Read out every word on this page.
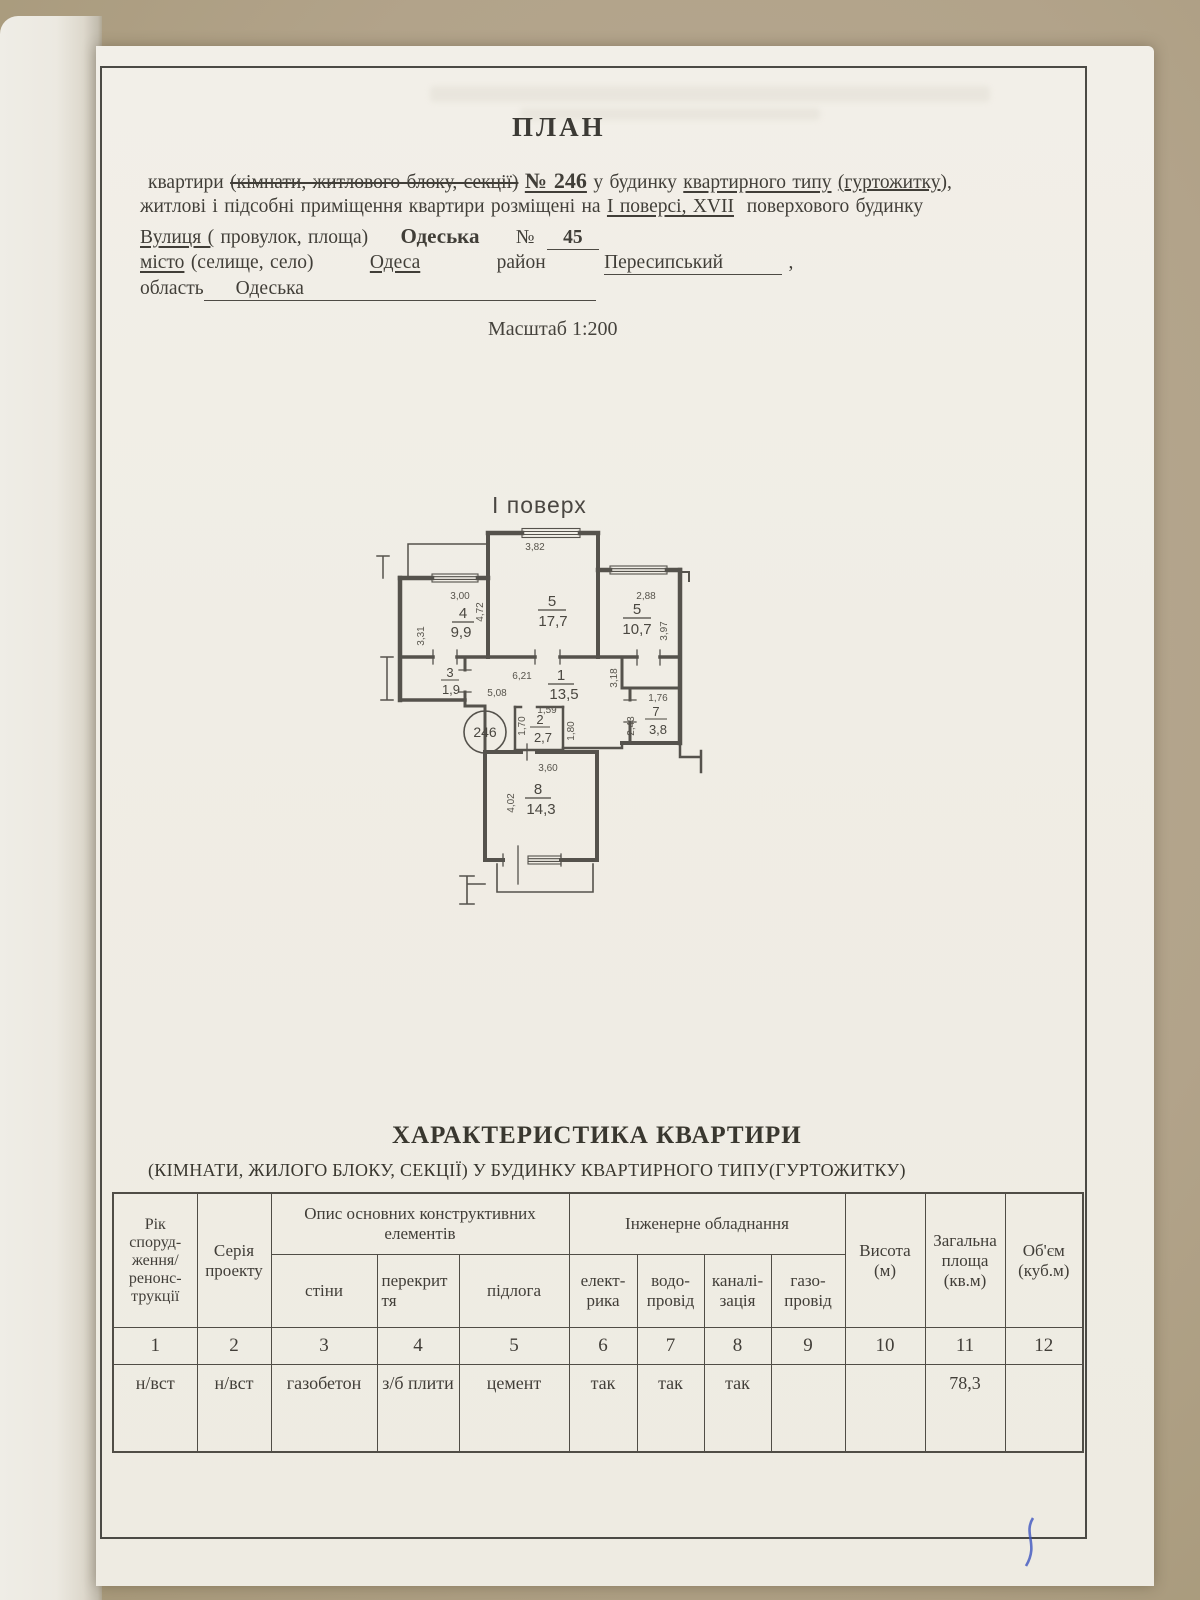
ПЛАН
квартири (кімнати, житлового блоку, секції) № 246 у будинку квартирного типу (гуртожитку),
житлові і підсобні приміщення квартири розміщені на І поверсі, XVII поверхового будинку
Вулиця ( провулок, площа) Одеська № 45
місто (селище, село)	Одеса	район	Пересипський	,
область Одеська
Масштаб 1:200
І поверх
246
4
9,9
5
17,7
5
10,7
3
1,9
1
13,5
7
3,8
2
2,7
8
14,3
3,82
4,72
3,00
3,31
2,88
3,97
6,21
5,08
3,18
1,76
2,43
1,70
1,59
1,80
3,60
4,02
ХАРАКТЕРИСТИКА КВАРТИРИ
(КІМНАТИ, ЖИЛОГО БЛОКУ, СЕКЦІЇ) У БУДИНКУ КВАРТИРНОГО ТИПУ(ГУРТОЖИТКУ)
Рік споруд- ження/ ренонс- трукції	Серія проекту	Опис основних конструктивних елементів			Інженерне обладнання				Висота (м)	Загальна площа (кв.м)	Об'єм (куб.м)
		стіни	перекрит тя	підлога	елект- рика	водо- провід	каналі- зація	газо- провід			
1	2	3	4	5	6	7	8	9	10	11	12
н/вст	н/вст	газобетон	з/б плити	цемент	так	так	так			78,3	
